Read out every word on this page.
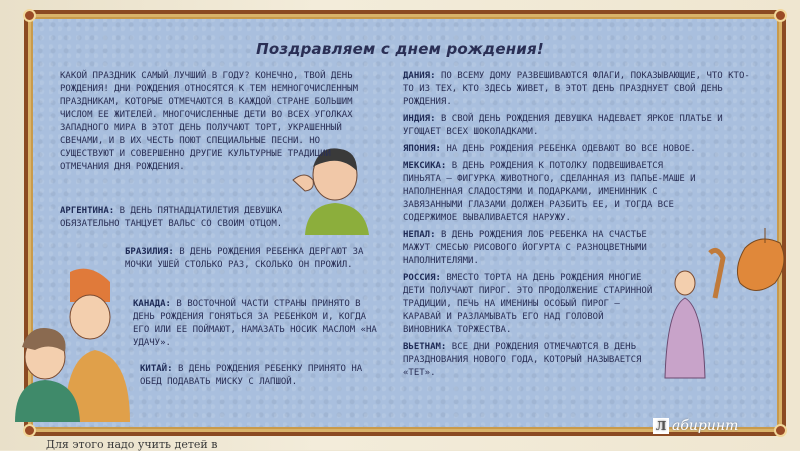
Поздравляем с днем рождения!

КАКОЙ ПРАЗДНИК САМЫЙ ЛУЧШИЙ В ГОДУ? КОНЕЧНО, ТВОЙ ДЕНЬ РОЖДЕНИЯ! ДНИ РОЖДЕНИЯ ОТНОСЯТСЯ К ТЕМ НЕМНОГОЧИСЛЕННЫМ ПРАЗДНИКАМ, КОТОРЫЕ ОТМЕЧАЮТСЯ В КАЖДОЙ СТРАНЕ БОЛЬШИМ ЧИСЛОМ ЕЕ ЖИТЕЛЕЙ. МНОГОЧИСЛЕННЫЕ ДЕТИ ВО ВСЕХ УГОЛКАХ ЗАПАДНОГО МИРА В ЭТОТ ДЕНЬ ПОЛУЧАЮТ ТОРТ, УКРАШЕННЫЙ СВЕЧАМИ, И В ИХ ЧЕСТЬ ПОЮТ СПЕЦИАЛЬНЫЕ ПЕСНИ. НО СУЩЕСТВУЮТ И СОВЕРШЕННО ДРУГИЕ КУЛЬТУРНЫЕ ТРАДИЦИИ ОТМЕЧАНИЯ ДНЯ РОЖДЕНИЯ.

АРГЕНТИНА: В ДЕНЬ ПЯТНАДЦАТИЛЕТИЯ ДЕВУШКА ОБЯЗАТЕЛЬНО ТАНЦУЕТ ВАЛЬС СО СВОИМ ОТЦОМ.
БРАЗИЛИЯ: В ДЕНЬ РОЖДЕНИЯ РЕБЕНКА ДЕРГАЮТ ЗА МОЧКИ УШЕЙ СТОЛЬКО РАЗ, СКОЛЬКО ОН ПРОЖИЛ.
КАНАДА: В ВОСТОЧНОЙ ЧАСТИ СТРАНЫ ПРИНЯТО В ДЕНЬ РОЖДЕНИЯ ГОНЯТЬСЯ ЗА РЕБЕНКОМ И, КОГДА ЕГО ИЛИ ЕЕ ПОЙМАЮТ, НАМАЗАТЬ НОСИК МАСЛОМ «НА УДАЧУ».
КИТАЙ: В ДЕНЬ РОЖДЕНИЯ РЕБЕНКУ ПРИНЯТО НА ОБЕД ПОДАВАТЬ МИСКУ С ЛАПШОЙ.

ДАНИЯ: ПО ВСЕМУ ДОМУ РАЗВЕШИВАЮТСЯ ФЛАГИ, ПОКАЗЫВАЮЩИЕ, ЧТО КТО-ТО ИЗ ТЕХ, КТО ЗДЕСЬ ЖИВЕТ, В ЭТОТ ДЕНЬ ПРАЗДНУЕТ СВОЙ ДЕНЬ РОЖДЕНИЯ.

ИНДИЯ: В СВОЙ ДЕНЬ РОЖДЕНИЯ ДЕВУШКА НАДЕВАЕТ ЯРКОЕ ПЛАТЬЕ И УГОЩАЕТ ВСЕХ ШОКОЛАДКАМИ.

ЯПОНИЯ: НА ДЕНЬ РОЖДЕНИЯ РЕБЕНКА ОДЕВАЮТ ВО ВСЕ НОВОЕ.

МЕКСИКА: В ДЕНЬ РОЖДЕНИЯ К ПОТОЛКУ ПОДВЕШИВАЕТСЯ ПИНЬЯТА – ФИГУРКА ЖИВОТНОГО, СДЕЛАННАЯ ИЗ ПАПЬЕ-МАШЕ И НАПОЛНЕННАЯ СЛАДОСТЯМИ И ПОДАРКАМИ, ИМЕНИННИК С ЗАВЯЗАННЫМИ ГЛАЗАМИ ДОЛЖЕН РАЗБИТЬ ЕЕ, И ТОГДА ВСЕ СОДЕРЖИМОЕ ВЫВАЛИВАЕТСЯ НАРУЖУ.

НЕПАЛ: В ДЕНЬ РОЖДЕНИЯ ЛОБ РЕБЕНКА НА СЧАСТЬЕ МАЖУТ СМЕСЬЮ РИСОВОГО ЙОГУРТА С РАЗНОЦВЕТНЫМИ НАПОЛНИТЕЛЯМИ.

РОССИЯ: ВМЕСТО ТОРТА НА ДЕНЬ РОЖДЕНИЯ МНОГИЕ ДЕТИ ПОЛУЧАЮТ ПИРОГ. ЭТО ПРОДОЛЖЕНИЕ СТАРИННОЙ ТРАДИЦИИ, ПЕЧЬ НА ИМЕНИНЫ ОСОБЫЙ ПИРОГ – КАРАВАЙ И РАЗЛАМЫВАТЬ ЕГО НАД ГОЛОВОЙ ВИНОВНИКА ТОРЖЕСТВА.

ВЬЕТНАМ: ВСЕ ДНИ РОЖДЕНИЯ ОТМЕЧАЮТСЯ В ДЕНЬ ПРАЗДНОВАНИЯ НОВОГО ГОДА, КОТОРЫЙ НАЗЫВАЕТСЯ «ТЕТ».

Для этого надо учить детей в
Л абиринт
